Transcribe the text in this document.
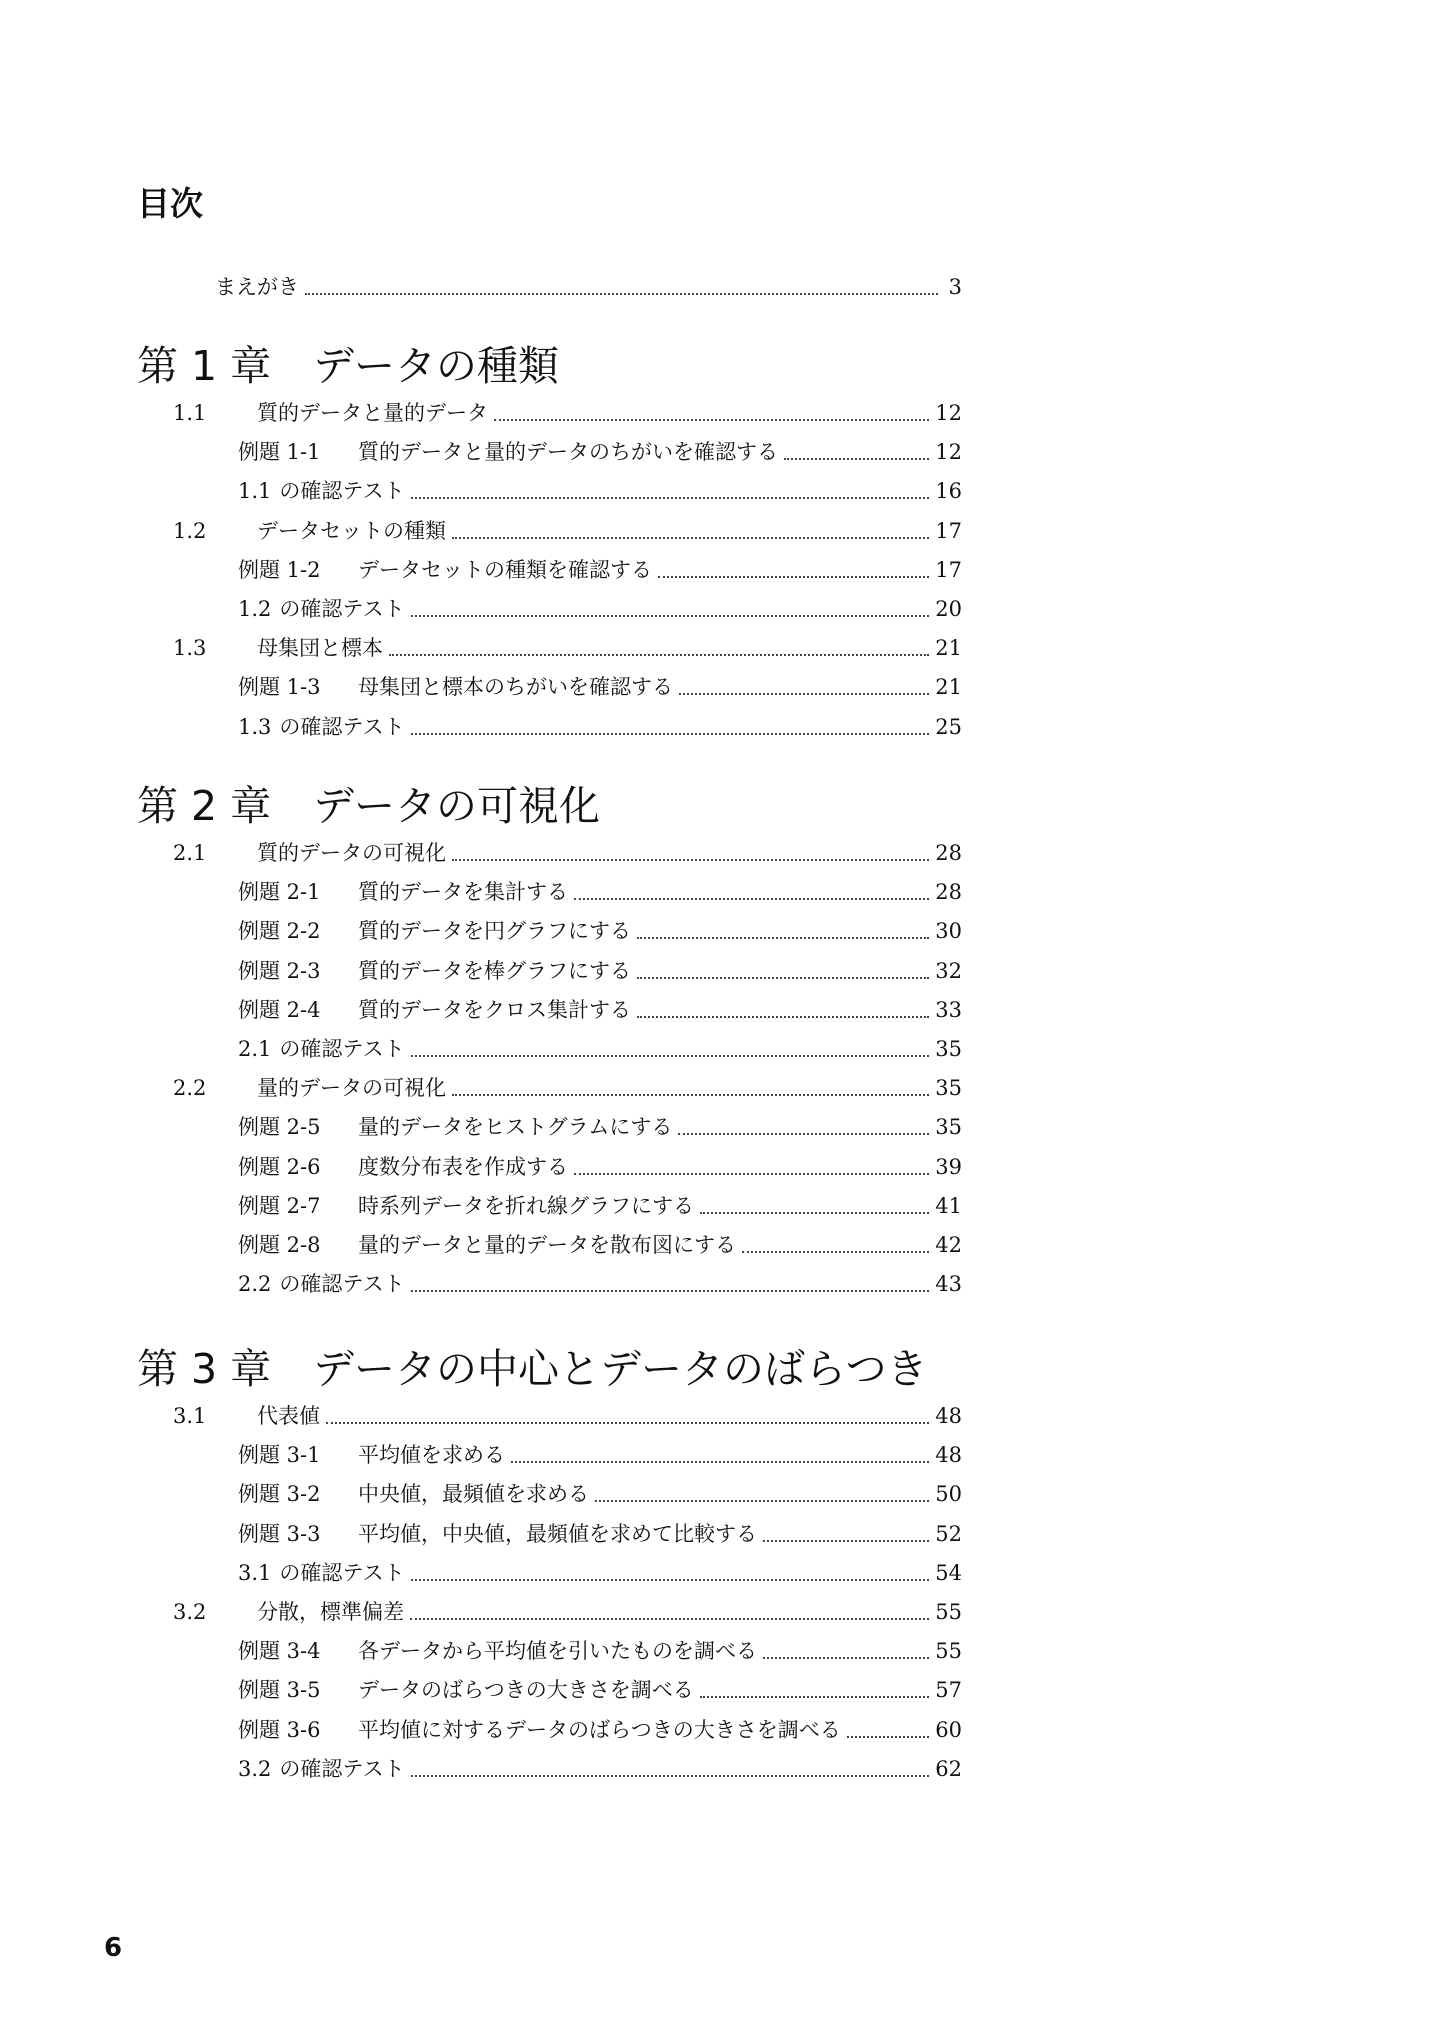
目次
まえがき	3
第 1 章	データの種類
1.1	質的データと量的データ	12
例題 1-1	質的データと量的データのちがいを確認する	12
1.1 の確認テスト	16
1.2	データセットの種類	17
例題 1-2	データセットの種類を確認する	17
1.2 の確認テスト	20
1.3	母集団と標本	21
例題 1-3	母集団と標本のちがいを確認する	21
1.3 の確認テスト	25
第 2 章	データの可視化
2.1	質的データの可視化	28
例題 2-1	質的データを集計する	28
例題 2-2	質的データを円グラフにする	30
例題 2-3	質的データを棒グラフにする	32
例題 2-4	質的データをクロス集計する	33
2.1 の確認テスト	35
2.2	量的データの可視化	35
例題 2-5	量的データをヒストグラムにする	35
例題 2-6	度数分布表を作成する	39
例題 2-7	時系列データを折れ線グラフにする	41
例題 2-8	量的データと量的データを散布図にする	42
2.2 の確認テスト	43
第 3 章	データの中心とデータのばらつき
3.1	代表値	48
例題 3-1	平均値を求める	48
例題 3-2	中央値，最頻値を求める	50
例題 3-3	平均値，中央値，最頻値を求めて比較する	52
3.1 の確認テスト	54
3.2	分散，標準偏差	55
例題 3-4	各データから平均値を引いたものを調べる	55
例題 3-5	データのばらつきの大きさを調べる	57
例題 3-6	平均値に対するデータのばらつきの大きさを調べる	60
3.2 の確認テスト	62
6
